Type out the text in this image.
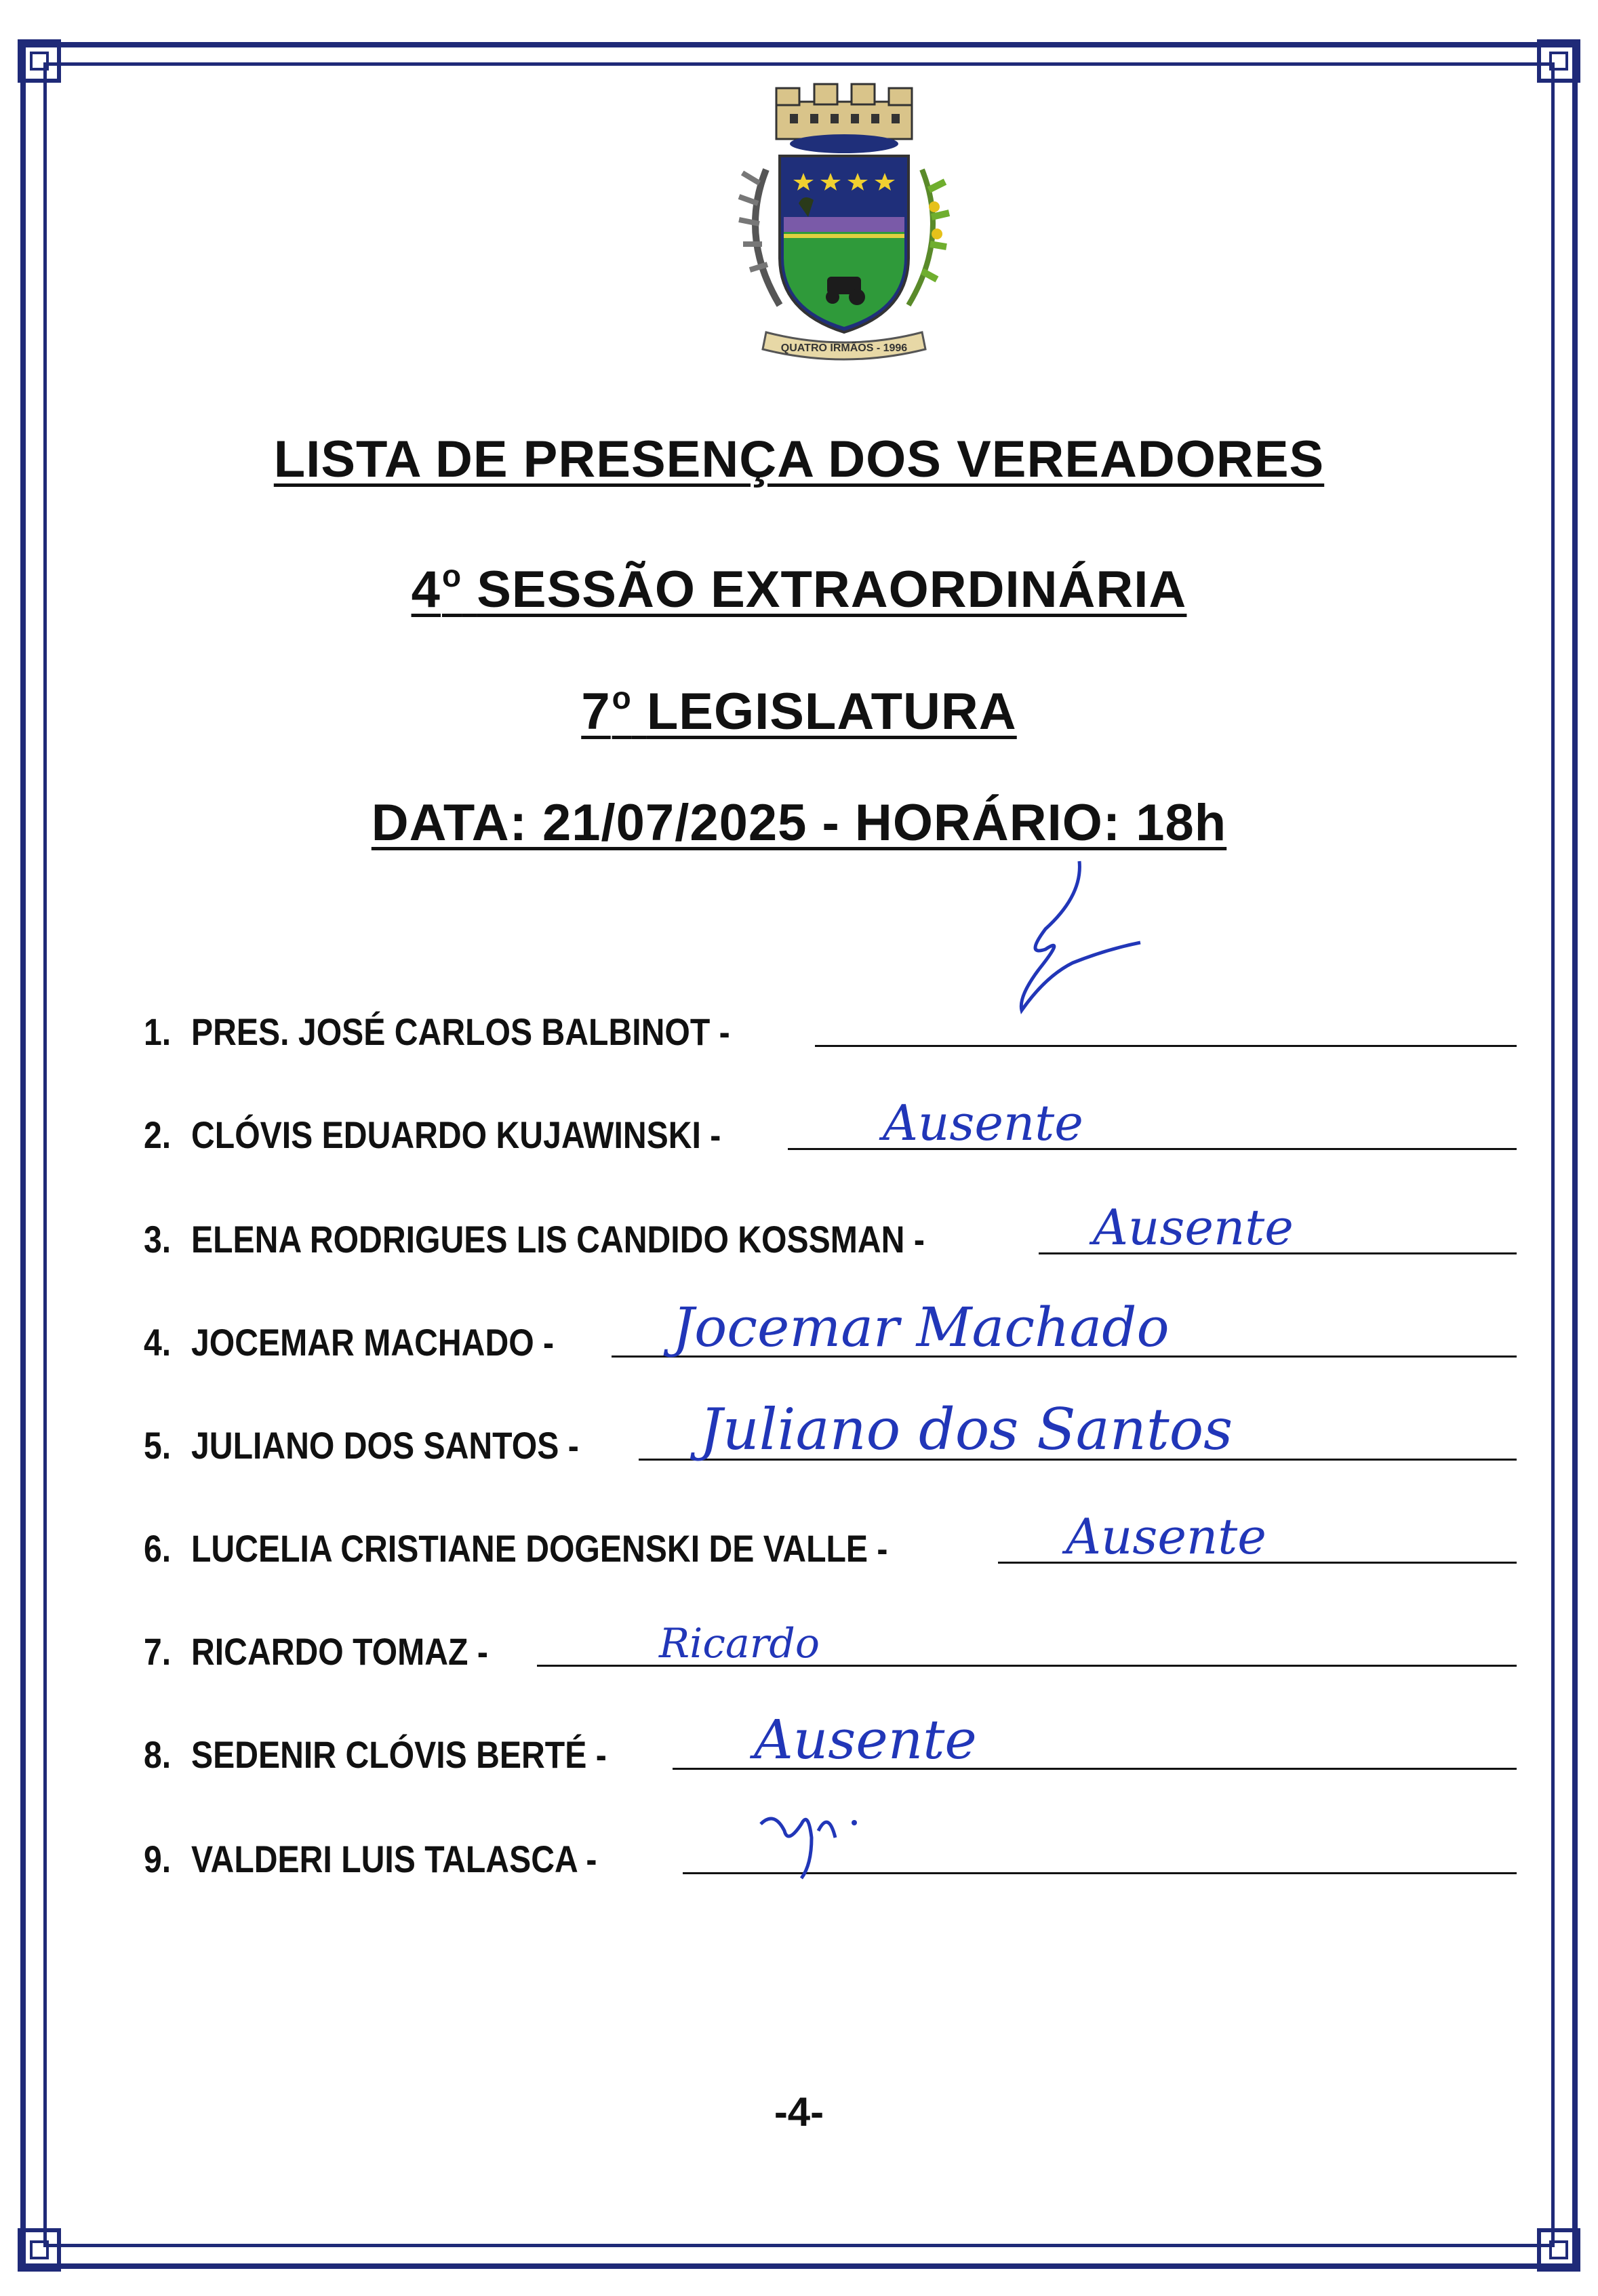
QUATRO IRMÃOS - 1996
LISTA DE PRESENÇA DOS VEREADORES
4$^o$ SESSÃO EXTRAORDINÁRIA
7$^o$ LEGISLATURA
DATA: 21/07/2025 - HORÁRIO: 18h
1. PRES. JOSÉ CARLOS BALBINOT -
2. CLÓVIS EDUARDO KUJAWINSKI -	Ausente
3. ELENA RODRIGUES LIS CANDIDO KOSSMAN -	Ausente
4. JOCEMAR MACHADO - Jocemar Machado
5. JULIANO DOS SANTOS - Juliano dos Santos
6. LUCELIA CRISTIANE DOGENSKI DE VALLE -	Ausente
7. RICARDO TOMAZ -	Ricardo
8. SEDENIR CLÓVIS BERTÉ -	Ausente
9. VALDERI LUIS TALASCA -
-4-
